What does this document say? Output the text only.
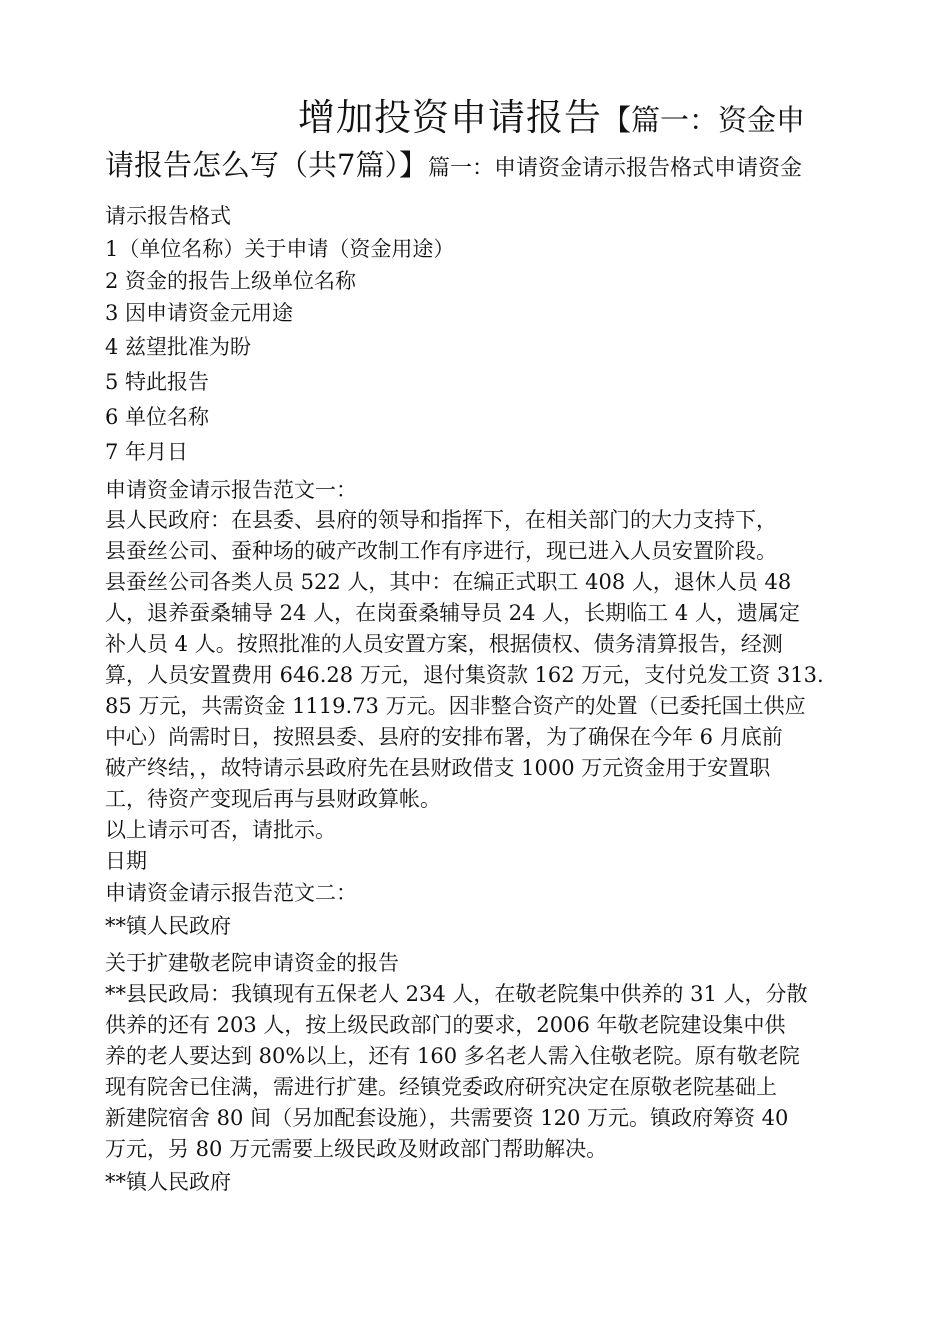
增加投资申请报告【篇一：资金申
请报告怎么写（共7篇）】篇一：申请资金请示报告格式申请资金
请示报告格式
1（单位名称）关于申请（资金用途）
2 资金的报告上级单位名称
3 因申请资金元用途
4 兹望批准为盼
5 特此报告
6 单位名称
7 年月日
申请资金请示报告范文一：
县人民政府：在县委、县府的领导和指挥下，在相关部门的大力支持下，
县蚕丝公司、蚕种场的破产改制工作有序进行，现已进入人员安置阶段。
县蚕丝公司各类人员 522 人，其中：在编正式职工 408 人，退休人员 48
人，退养蚕桑辅导 24 人，在岗蚕桑辅导员 24 人，长期临工 4 人，遗属定
补人员 4 人。按照批准的人员安置方案，根据债权、债务清算报告，经测
算，人员安置费用 646.28 万元，退付集资款 162 万元，支付兑发工资 313.
85 万元，共需资金 1119.73 万元。因非整合资产的处置（已委托国土供应
中心）尚需时日，按照县委、县府的安排布署，为了确保在今年 6 月底前
破产终结，，故特请示县政府先在县财政借支 1000 万元资金用于安置职
工，待资产变现后再与县财政算帐。
以上请示可否，请批示。
日期
申请资金请示报告范文二：
**镇人民政府
关于扩建敬老院申请资金的报告
**县民政局：我镇现有五保老人 234 人，在敬老院集中供养的 31 人，分散
供养的还有 203 人，按上级民政部门的要求，2006 年敬老院建设集中供
养的老人要达到 80%以上，还有 160 多名老人需入住敬老院。原有敬老院
现有院舍已住满，需进行扩建。经镇党委政府研究决定在原敬老院基础上
新建院宿舍 80 间（另加配套设施），共需要资 120 万元。镇政府筹资 40
万元，另 80 万元需要上级民政及财政部门帮助解决。
**镇人民政府
